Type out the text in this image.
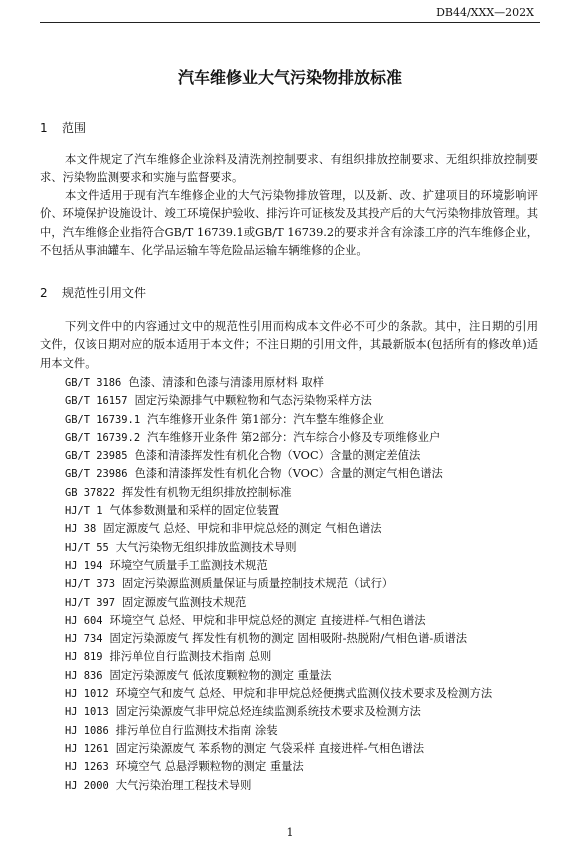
DB44/XXX—202X
汽车维修业大气污染物排放标准
1 范围

本文件规定了汽车维修企业涂料及清洗剂控制要求、有组织排放控制要求、无组织排放控制要求、污染物监测要求和实施与监督要求。

本文件适用于现有汽车维修企业的大气污染物排放管理，以及新、改、扩建项目的环境影响评价、环境保护设施设计、竣工环境保护验收、排污许可证核发及其投产后的大气污染物排放管理。其中，汽车维修企业指符合GB/T 16739.1或GB/T 16739.2的要求并含有涂漆工序的汽车维修企业，不包括从事油罐车、化学品运输车等危险品运输车辆维修的企业。

2 规范性引用文件

下列文件中的内容通过文中的规范性引用而构成本文件必不可少的条款。其中，注日期的引用文件，仅该日期对应的版本适用于本文件；不注日期的引用文件，其最新版本(包括所有的修改单)适用本文件。

GB/T 3186 色漆、清漆和色漆与清漆用原材料 取样

GB/T 16157 固定污染源排气中颗粒物和气态污染物采样方法

GB/T 16739.1 汽车维修开业条件 第1部分：汽车整车维修企业

GB/T 16739.2 汽车维修开业条件 第2部分：汽车综合小修及专项维修业户

GB/T 23985 色漆和清漆挥发性有机化合物（VOC）含量的测定差值法

GB/T 23986 色漆和清漆挥发性有机化合物（VOC）含量的测定气相色谱法

GB 37822 挥发性有机物无组织排放控制标准

HJ/T 1 气体参数测量和采样的固定位装置

HJ 38 固定源废气 总烃、甲烷和非甲烷总烃的测定 气相色谱法

HJ/T 55 大气污染物无组织排放监测技术导则

HJ 194 环境空气质量手工监测技术规范

HJ/T 373 固定污染源监测质量保证与质量控制技术规范（试行）

HJ/T 397 固定源废气监测技术规范

HJ 604 环境空气 总烃、甲烷和非甲烷总烃的测定 直接进样-气相色谱法

HJ 734 固定污染源废气 挥发性有机物的测定 固相吸附-热脱附/气相色谱-质谱法

HJ 819 排污单位自行监测技术指南 总则

HJ 836 固定污染源废气 低浓度颗粒物的测定 重量法

HJ 1012 环境空气和废气 总烃、甲烷和非甲烷总烃便携式监测仪技术要求及检测方法

HJ 1013 固定污染源废气非甲烷总烃连续监测系统技术要求及检测方法

HJ 1086 排污单位自行监测技术指南 涂装

HJ 1261 固定污染源废气 苯系物的测定 气袋采样 直接进样-气相色谱法

HJ 1263 环境空气 总悬浮颗粒物的测定 重量法

HJ 2000 大气污染治理工程技术导则

1
